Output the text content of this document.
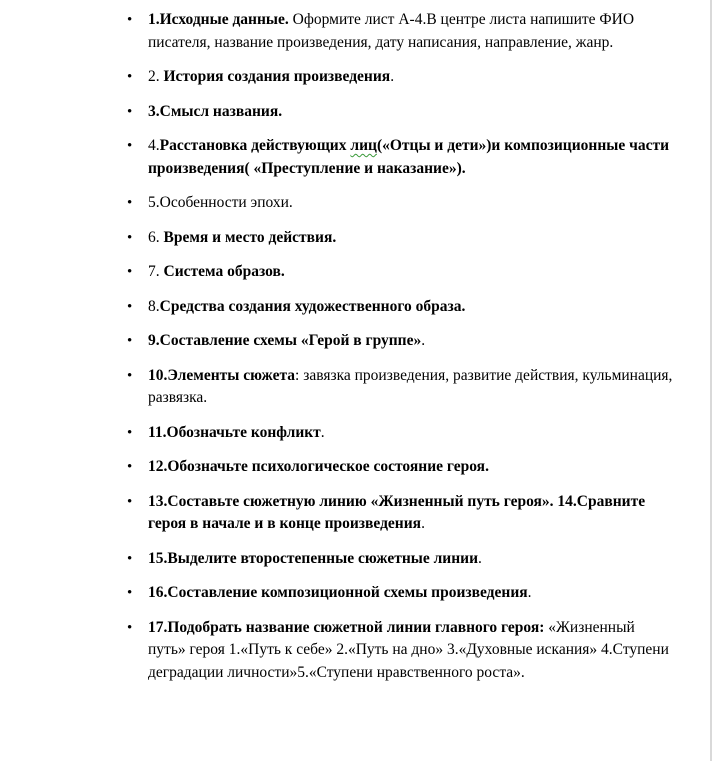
• 1.Исходные данные. Оформите лист А-4.В центре листа напишите ФИО писателя, название произведения, дату написания, направление, жанр.
• 2. История создания произведения.
• 3.Смысл названия.
• 4.Расстановка действующих лиц(«Отцы и дети»)и композиционные части произведения( «Преступление и наказание»).
• 5.Особенности эпохи.
• 6. Время и место действия.
• 7. Система образов.
• 8.Средства создания художественного образа.
• 9.Составление схемы «Герой в группе».
• 10.Элементы сюжета: завязка произведения, развитие действия, кульминация, развязка.
• 11.Обозначьте конфликт.
• 12.Обозначьте психологическое состояние героя.
• 13.Составьте сюжетную линию «Жизненный путь героя». 14.Сравните героя в начале и в конце произведения.
• 15.Выделите второстепенные сюжетные линии.
• 16.Составление композиционной схемы произведения.
• 17.Подобрать название сюжетной линии главного героя: «Жизненный путь» героя 1.«Путь к себе» 2.«Путь на дно» 3.«Духовные искания» 4.Ступени деградации личности»5.«Ступени нравственного роста».
